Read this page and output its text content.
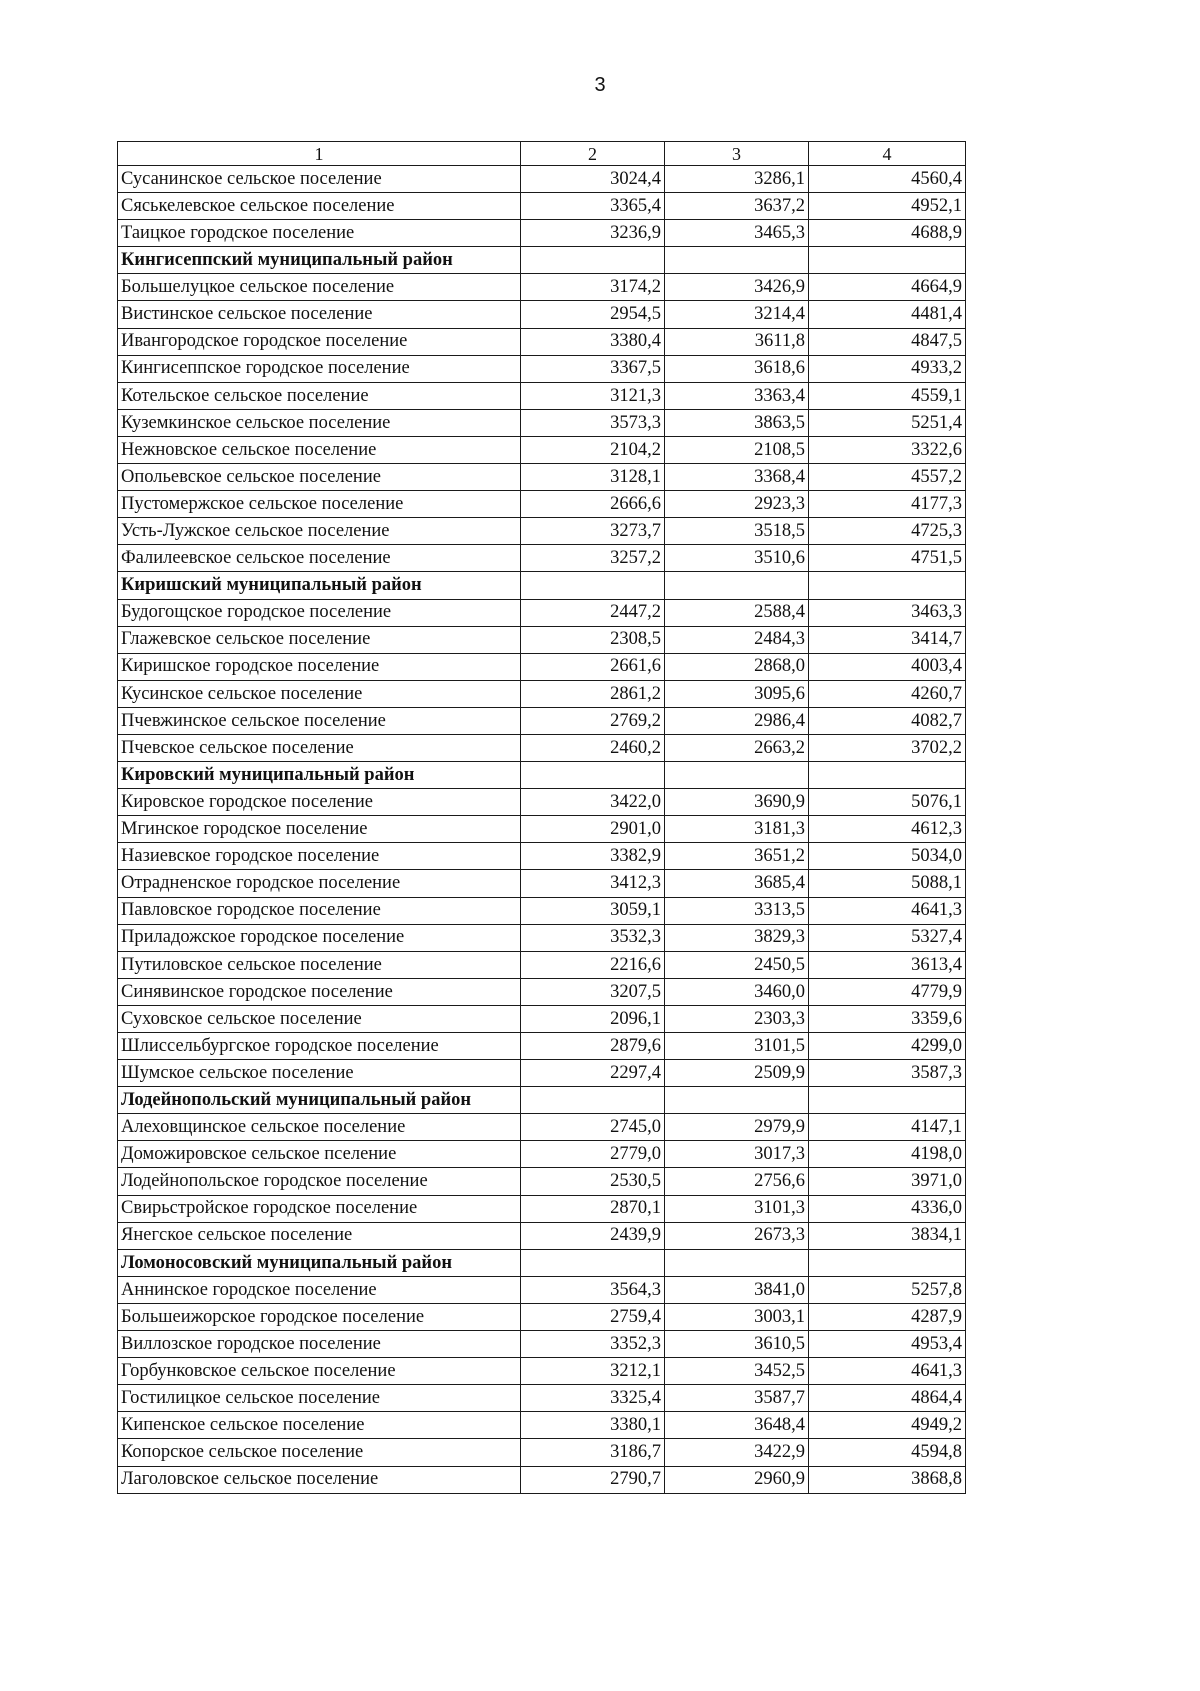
3
1	2	3	4
Сусанинское сельское поселение	3024,4	3286,1	4560,4
Сяськелевское сельское поселение	3365,4	3637,2	4952,1
Таицкое городское поселение	3236,9	3465,3	4688,9
Кингисеппский муниципальный район			
Большелуцкое сельское поселение	3174,2	3426,9	4664,9
Вистинское сельское поселение	2954,5	3214,4	4481,4
Ивангородское городское поселение	3380,4	3611,8	4847,5
Кингисеппское городское поселение	3367,5	3618,6	4933,2
Котельское сельское поселение	3121,3	3363,4	4559,1
Куземкинское сельское поселение	3573,3	3863,5	5251,4
Нежновское сельское поселение	2104,2	2108,5	3322,6
Опольевское сельское поселение	3128,1	3368,4	4557,2
Пустомержское сельское поселение	2666,6	2923,3	4177,3
Усть-Лужское сельское поселение	3273,7	3518,5	4725,3
Фалилеевское сельское поселение	3257,2	3510,6	4751,5
Киришский муниципальный район			
Будогощское городское поселение	2447,2	2588,4	3463,3
Глажевское сельское поселение	2308,5	2484,3	3414,7
Киришское городское поселение	2661,6	2868,0	4003,4
Кусинское сельское поселение	2861,2	3095,6	4260,7
Пчевжинское сельское поселение	2769,2	2986,4	4082,7
Пчевское сельское поселение	2460,2	2663,2	3702,2
Кировский муниципальный район			
Кировское городское поселение	3422,0	3690,9	5076,1
Мгинское городское поселение	2901,0	3181,3	4612,3
Назиевское городское поселение	3382,9	3651,2	5034,0
Отрадненское городское поселение	3412,3	3685,4	5088,1
Павловское городское поселение	3059,1	3313,5	4641,3
Приладожское городское поселение	3532,3	3829,3	5327,4
Путиловское сельское поселение	2216,6	2450,5	3613,4
Синявинское городское поселение	3207,5	3460,0	4779,9
Суховское сельское поселение	2096,1	2303,3	3359,6
Шлиссельбургское городское поселение	2879,6	3101,5	4299,0
Шумское сельское поселение	2297,4	2509,9	3587,3
Лодейнопольский муниципальный район			
Алеховщинское сельское поселение	2745,0	2979,9	4147,1
Доможировское сельское пселение	2779,0	3017,3	4198,0
Лодейнопольское городское поселение	2530,5	2756,6	3971,0
Свирьстройское городское поселение	2870,1	3101,3	4336,0
Янегское сельское поселение	2439,9	2673,3	3834,1
Ломоносовский муниципальный район			
Аннинское городское поселение	3564,3	3841,0	5257,8
Большеижорское городское поселение	2759,4	3003,1	4287,9
Виллозское городское поселение	3352,3	3610,5	4953,4
Горбунковское сельское поселение	3212,1	3452,5	4641,3
Гостилицкое сельское поселение	3325,4	3587,7	4864,4
Кипенское сельское поселение	3380,1	3648,4	4949,2
Копорское сельское поселение	3186,7	3422,9	4594,8
Лаголовское сельское поселение	2790,7	2960,9	3868,8
